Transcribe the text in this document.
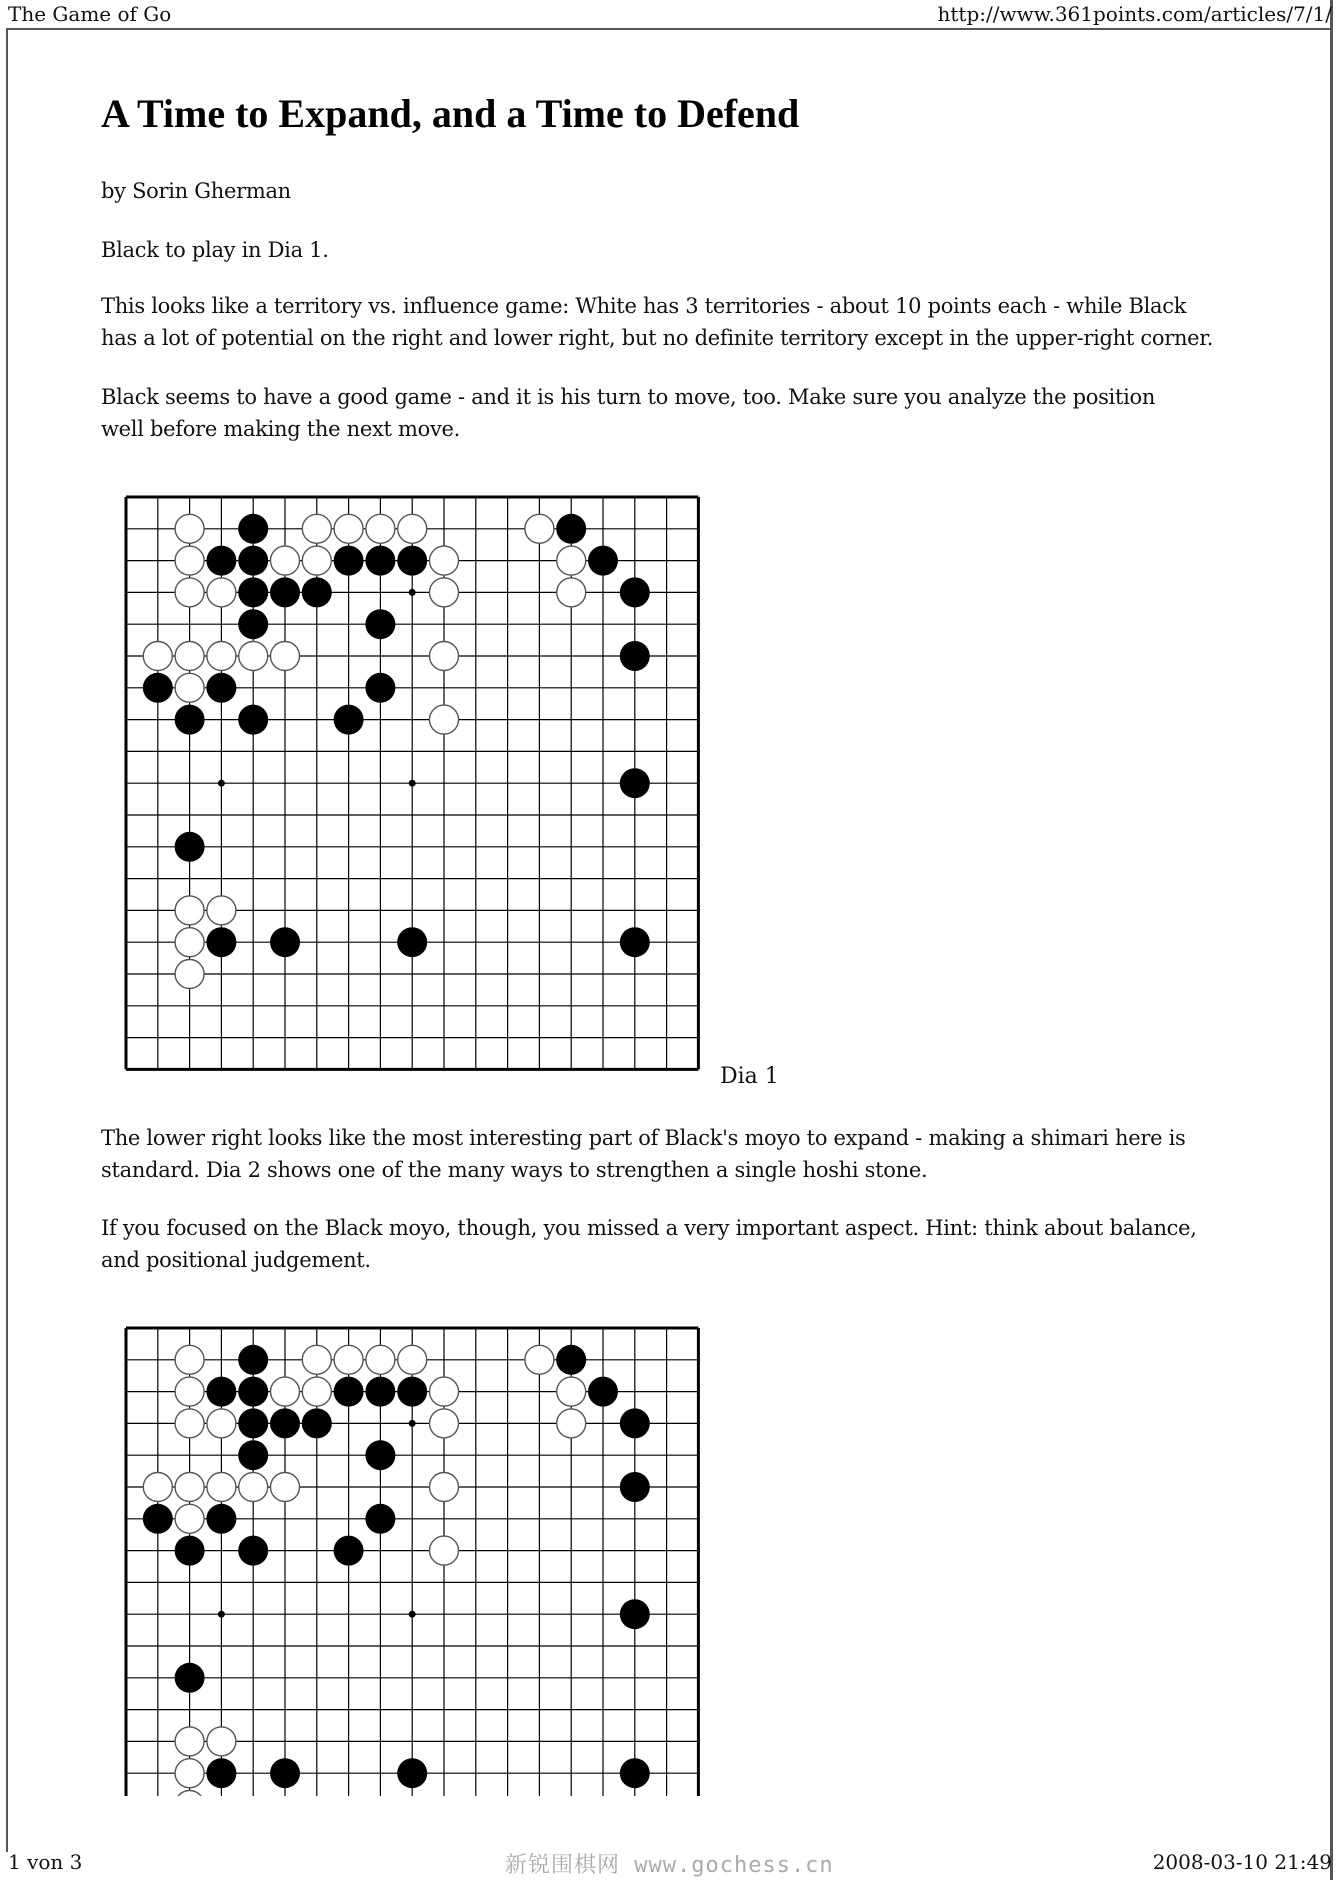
The Game of Go	http://www.361points.com/articles/7/1/
A Time to Expand, and a Time to Defend

by Sorin Gherman

Black to play in Dia 1.

This looks like a territory vs. influence game: White has 3 territories - about 10 points each - while Black

has a lot of potential on the right and lower right, but no definite territory except in the upper-right corner.

Black seems to have a good game - and it is his turn to move, too. Make sure you analyze the position

well before making the next move.

Dia 1

The lower right looks like the most interesting part of Black's moyo to expand - making a shimari here is

standard. Dia 2 shows one of the many ways to strengthen a single hoshi stone.

If you focused on the Black moyo, though, you missed a very important aspect. Hint: think about balance,

and positional judgement.

1 von 3	新锐围棋网 www.gochess.cn	2008-03-10 21:49
